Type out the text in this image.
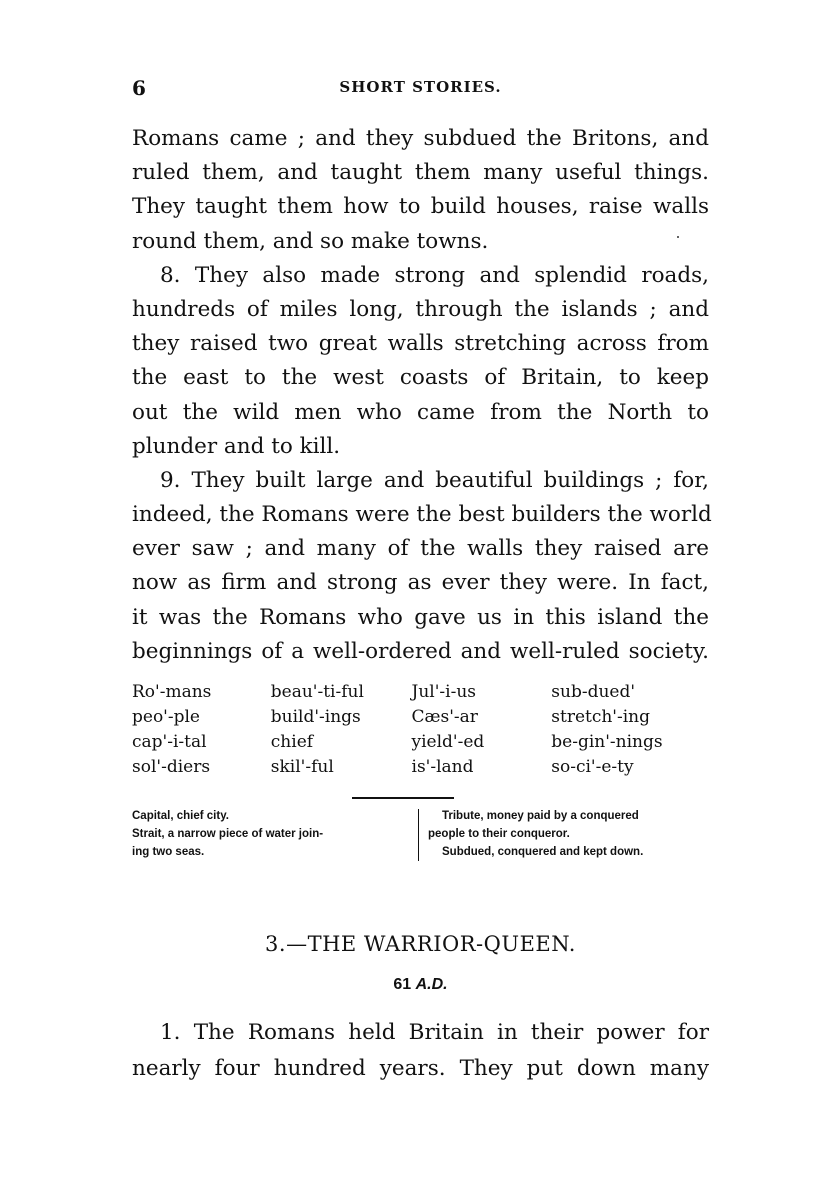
6	SHORT STORIES.
Romans came ; and they subdued the Britons, and
ruled them, and taught them many useful things.
They taught them how to build houses, raise walls
round them, and so make towns.
8. They also made strong and splendid roads,
hundreds of miles long, through the islands ; and
they raised two great walls stretching across from
the east to the west coasts of Britain, to keep
out the wild men who came from the North to
plunder and to kill.
9. They built large and beautiful buildings ; for,
indeed, the Romans were the best builders the world
ever saw ; and many of the walls they raised are
now as firm and strong as ever they were. In fact,
it was the Romans who gave us in this island the
beginnings of a well-ordered and well-ruled society.
Ro'-mans	beau'-ti-ful	Jul'-i-us	sub-dued'
peo'-ple	build'-ings	Cæs'-ar	stretch'-ing
cap'-i-tal	chief	yield'-ed	be-gin'-nings
sol'-diers	skil'-ful	is'-land	so-ci'-e-ty
Capital, chief city.
Strait, a narrow piece of water join-
ing two seas.
Tribute, money paid by a conquered
people to their conqueror.
Subdued, conquered and kept down.
3.—THE WARRIOR-QUEEN.
61 A.D.
1. The Romans held Britain in their power for
nearly four hundred years. They put down many
